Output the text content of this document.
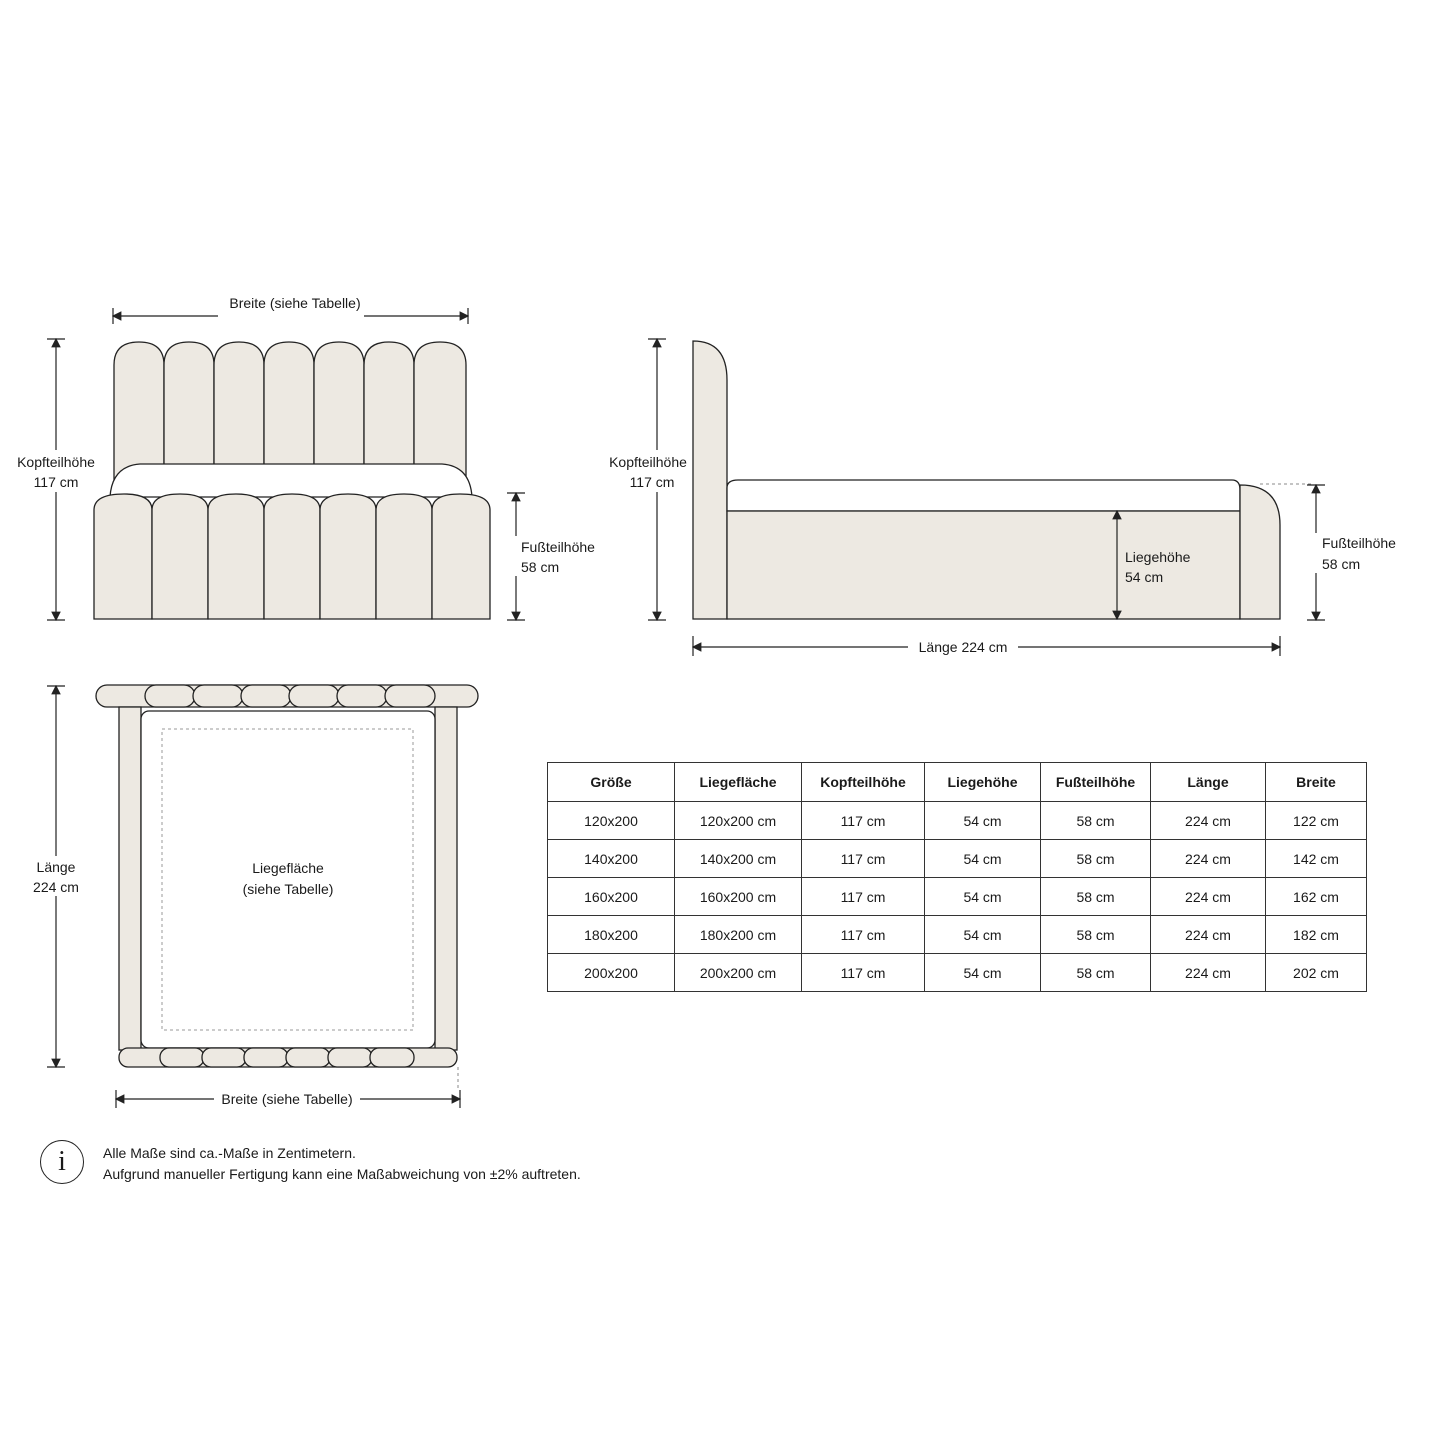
Breite (siehe Tabelle)
Kopfteilhöhe
117 cm
Fußteilhöhe
58 cm
Kopfteilhöhe
117 cm
Liegehöhe
54 cm
Fußteilhöhe
58 cm
Länge 224 cm
Länge
224 cm
Liegefläche
(siehe Tabelle)
Breite (siehe Tabelle)
Größe	Liegefläche	Kopfteilhöhe	Liegehöhe	Fußteilhöhe	Länge	Breite
120x200	120x200 cm	117 cm	54 cm	58 cm	224 cm	122 cm
140x200	140x200 cm	117 cm	54 cm	58 cm	224 cm	142 cm
160x200	160x200 cm	117 cm	54 cm	58 cm	224 cm	162 cm
180x200	180x200 cm	117 cm	54 cm	58 cm	224 cm	182 cm
200x200	200x200 cm	117 cm	54 cm	58 cm	224 cm	202 cm
i	Alle Maße sind ca.-Maße in Zentimetern.
Aufgrund manueller Fertigung kann eine Maßabweichung von ±2% auftreten.
